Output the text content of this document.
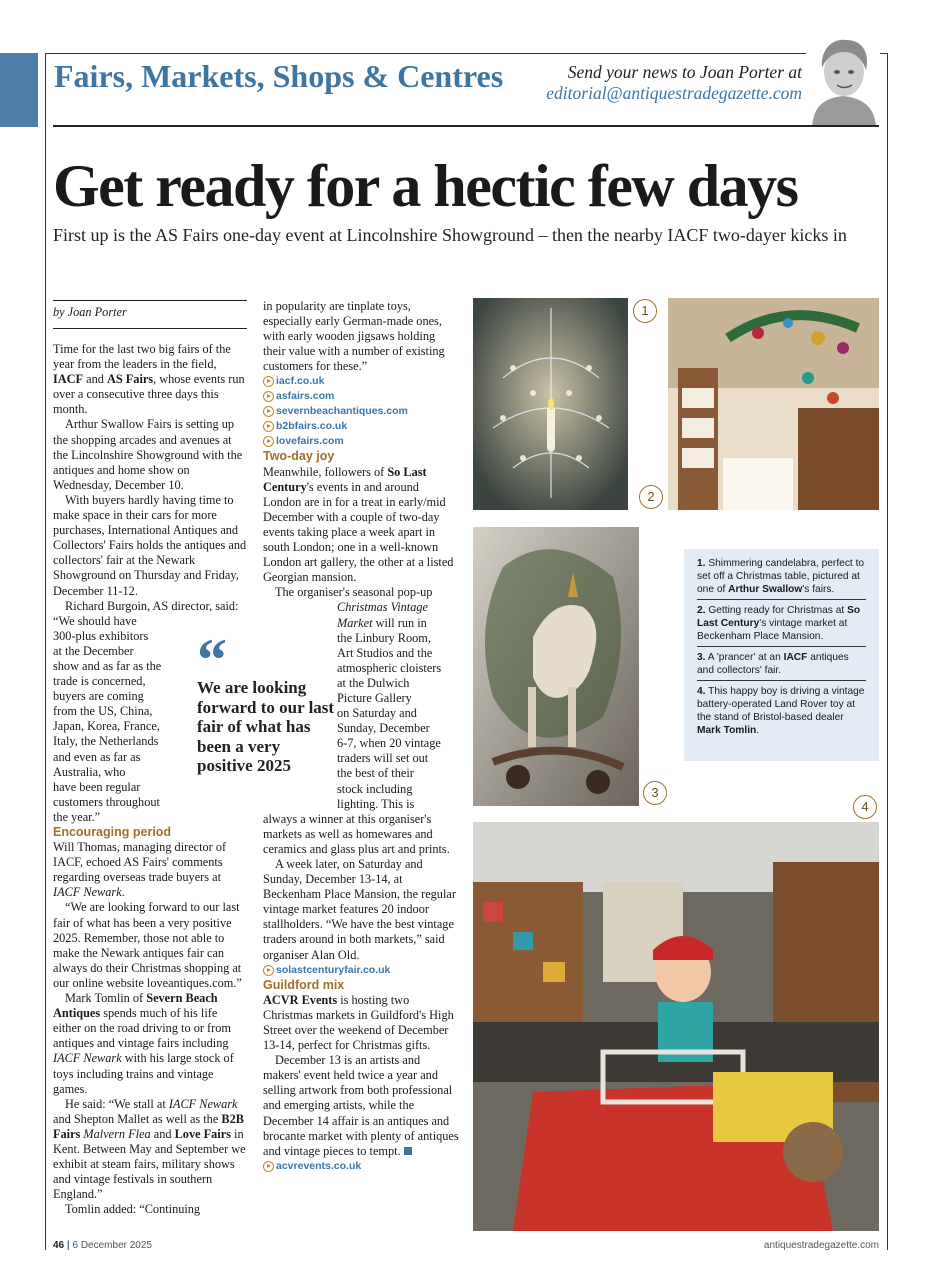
Fairs, Markets, Shops & Centres	Send your news to Joan Porter at
editorial@antiquestradegazette.com
Get ready for a hectic few days
First up is the AS Fairs one-day event at Lincolnshire Showground – then the nearby IACF two-dayer kicks in
by Joan Porter

Time for the last two big fairs of the year from the leaders in the field, IACF and AS Fairs, whose events run over a consecutive three days this month.

Arthur Swallow Fairs is setting up the shopping arcades and avenues at the Lincolnshire Showground with the antiques and home show on Wednesday, December 10.

With buyers hardly having time to make space in their cars for more purchases, International Antiques and Collectors' Fairs holds the antiques and collectors' fair at the Newark Showground on Thursday and Friday, December 11-12.

Richard Burgoin, AS director, said: “We should have

300-plus exhibitors

at the December

show and as far as the

trade is concerned,

buyers are coming

from the US, China,

Japan, Korea, France,

Italy, the Netherlands

and even as far as

Australia, who

have been regular

customers throughout

the year.”

Encouraging period

Will Thomas, managing director of IACF, echoed AS Fairs' comments regarding overseas trade buyers at IACF Newark.

“We are looking forward to our last fair of what has been a very positive 2025. Remember, those not able to make the Newark antiques fair can always do their Christmas shopping at our online website loveantiques.com.”

Mark Tomlin of Severn Beach Antiques spends much of his life either on the road driving to or from antiques and vintage fairs including IACF Newark with his large stock of toys including trains and vintage games.

He said: “We stall at IACF Newark and Shepton Mallet as well as the B2B Fairs Malvern Flea and Love Fairs in Kent. Between May and September we exhibit at steam fairs, military shows and vintage festivals in southern England.”

Tomlin added: “Continuing

in popularity are tinplate toys, especially early German-made ones, with early wooden jigsaws holding their value with a number of existing customers for these.”

iacf.co.uk
asfairs.com
severnbeachantiques.com
b2bfairs.co.uk
lovefairs.com

Two-day joy

Meanwhile, followers of So Last Century's events in and around London are in for a treat in early/mid December with a couple of two-day events taking place a week apart in south London; one in a well-known London art gallery, the other at a listed Georgian mansion.

The organiser's seasonal pop-up

Christmas Vintage

Market will run in

the Linbury Room,

Art Studios and the

atmospheric cloisters

at the Dulwich

Picture Gallery

on Saturday and

Sunday, December

6-7, when 20 vintage

traders will set out

the best of their

stock including

lighting. This is

always a winner at this organiser's markets as well as homewares and ceramics and glass plus art and prints.

A week later, on Saturday and Sunday, December 13-14, at Beckenham Place Mansion, the regular vintage market features 20 indoor stallholders. “We have the best vintage traders around in both markets,” said organiser Alan Old.

solastcenturyfair.co.uk

Guildford mix

ACVR Events is hosting two Christmas markets in Guildford's High Street over the weekend of December 13-14, perfect for Christmas gifts.

December 13 is an artists and makers' event held twice a year and selling artwork from both professional and emerging artists, while the December 14 affair is an antiques and brocante market with plenty of antiques and vintage pieces to tempt.

acvrevents.co.uk
“
We are looking forward to our last fair of what has been a very positive 2025
1
2
3
4
1. Shimmering candelabra, perfect to set off a Christmas table, pictured at one of Arthur Swallow's fairs.
2. Getting ready for Christmas at So Last Century's vintage market at Beckenham Place Mansion.
3. A 'prancer' at an IACF antiques and collectors' fair.
4. This happy boy is driving a vintage battery-operated Land Rover toy at the stand of Bristol-based dealer Mark Tomlin.
46 | 6 December 2025	antiquestradegazette.com
